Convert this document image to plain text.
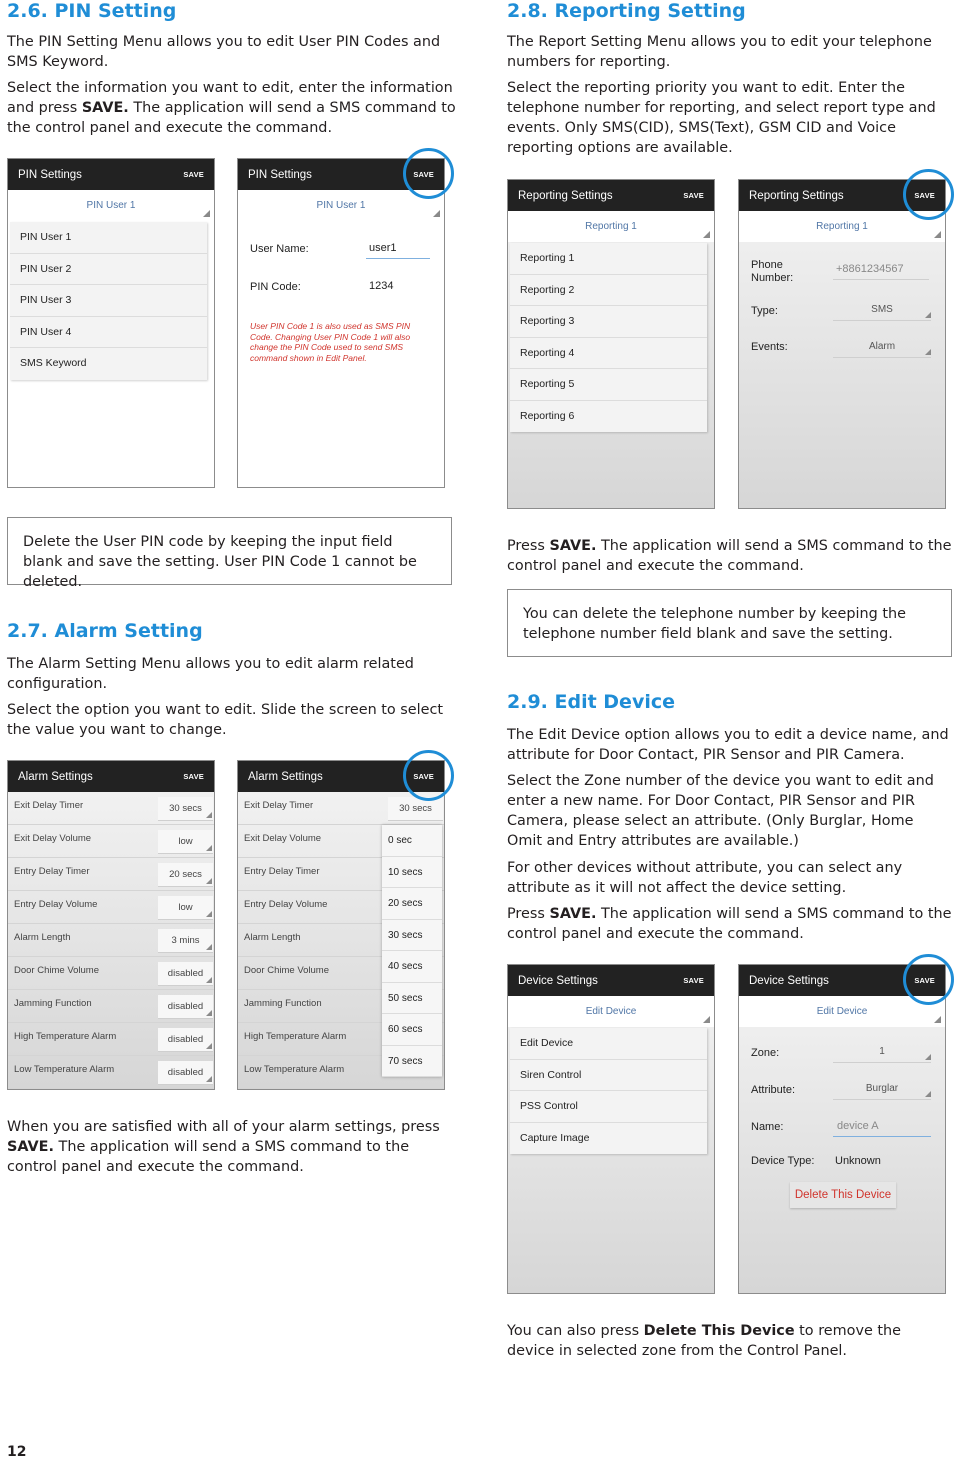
2.6. PIN Setting
The PIN Setting Menu allows you to edit User PIN Codes and SMS Keyword.
Select the information you want to edit, enter the information and press SAVE. The application will send a SMS command to the control panel and execute the command.
PIN Settings	SAVE
PIN User 1
PIN User 1
PIN User 2
PIN User 3
PIN User 4
SMS Keyword
PIN Settings	SAVE
PIN User 1
User Name:	user1
PIN Code:	1234
User PIN Code 1 is also used as SMS PIN Code. Changing User PIN Code 1 will also change the PIN Code used to send SMS command shown in Edit Panel.
Delete the User PIN code by keeping the input field blank and save the setting. User PIN Code 1 cannot be deleted.
2.7. Alarm Setting
The Alarm Setting Menu allows you to edit alarm related configuration.
Select the option you want to edit. Slide the screen to select the value you want to change.
Alarm Settings	SAVE
Exit Delay Timer	30 secs
Exit Delay Volume	low
Entry Delay Timer	20 secs
Entry Delay Volume	low
Alarm Length	3 mins
Door Chime Volume	disabled
Jamming Function	disabled
High Temperature Alarm	disabled
Low Temperature Alarm	disabled
Alarm Settings	SAVE
Exit Delay Timer	30 secs
Exit Delay Volume
Entry Delay Timer
Entry Delay Volume
Alarm Length
Door Chime Volume
Jamming Function
High Temperature Alarm
Low Temperature Alarm
0 sec
10 secs
20 secs
30 secs
40 secs
50 secs
60 secs
70 secs
When you are satisfied with all of your alarm settings, press SAVE. The application will send a SMS command to the control panel and execute the command.
12
2.8. Reporting Setting
The Report Setting Menu allows you to edit your telephone numbers for reporting.
Select the reporting priority you want to edit. Enter the telephone number for reporting, and select report type and events. Only SMS(CID), SMS(Text), GSM CID and Voice reporting options are available.
Reporting Settings	SAVE
Reporting 1
Reporting 1
Reporting 2
Reporting 3
Reporting 4
Reporting 5
Reporting 6
Reporting Settings	SAVE
Reporting 1
Phone
Number:
+8861234567
Type:	SMS
Events:	Alarm
Press SAVE. The application will send a SMS command to the control panel and execute the command.
You can delete the telephone number by keeping the telephone number field blank and save the setting.
2.9. Edit Device
The Edit Device option allows you to edit a device name, and attribute for Door Contact, PIR Sensor and PIR Camera.
Select the Zone number of the device you want to edit and enter a new name. For Door Contact, PIR Sensor and PIR Camera, please select an attribute. (Only Burglar, Home Omit and Entry attributes are available.)
For other devices without attribute, you can select any attribute as it will not affect the device setting.
Press SAVE. The application will send a SMS command to the control panel and execute the command.
Device Settings	SAVE
Edit Device
Edit Device
Siren Control
PSS Control
Capture Image
Device Settings	SAVE
Edit Device
Zone:	1
Attribute:	Burglar
Name:	device A
Device Type: Unknown
Delete This Device
You can also press Delete This Device to remove the device in selected zone from the Control Panel.
